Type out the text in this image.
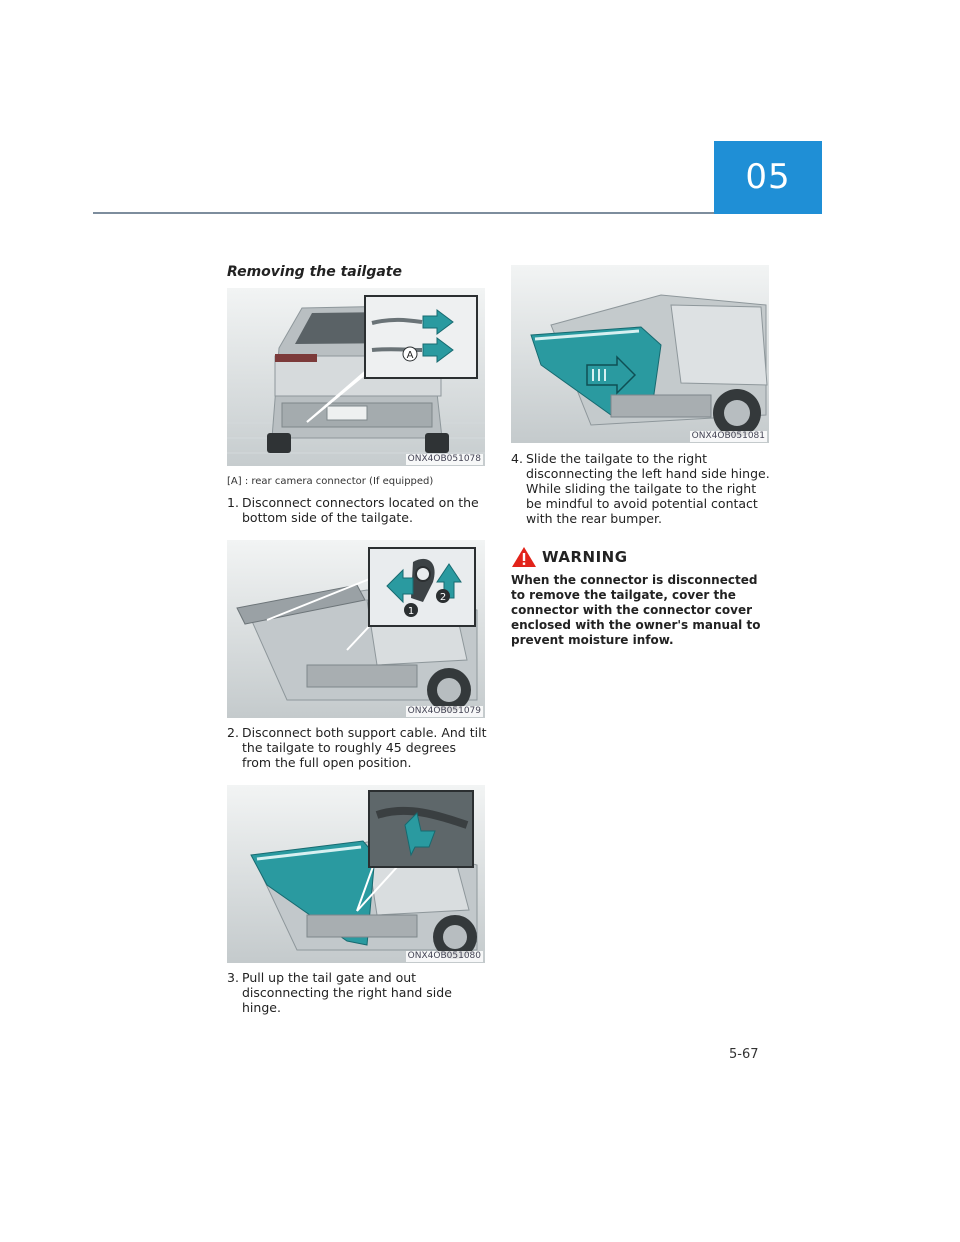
05
Removing the tailgate
A
ONX4OB051078
[A] : rear camera connector (If equipped)
1. Disconnect connectors located on the bottom side of the tailgate.
1
2
ONX4OB051079
2. Disconnect both support cable. And tilt the tailgate to roughly 45 degrees from the full open position.
ONX4OB051080
3. Pull up the tail gate and out disconnecting the right hand side hinge.
ONX4OB051081
4. Slide the tailgate to the right disconnecting the left hand side hinge. While sliding the tailgate to the right be mindful to avoid potential contact with the rear bumper.
WARNING
When the connector is disconnected to remove the tailgate, cover the connector with the connector cover enclosed with the owner's manual to prevent moisture infow.
5-67
